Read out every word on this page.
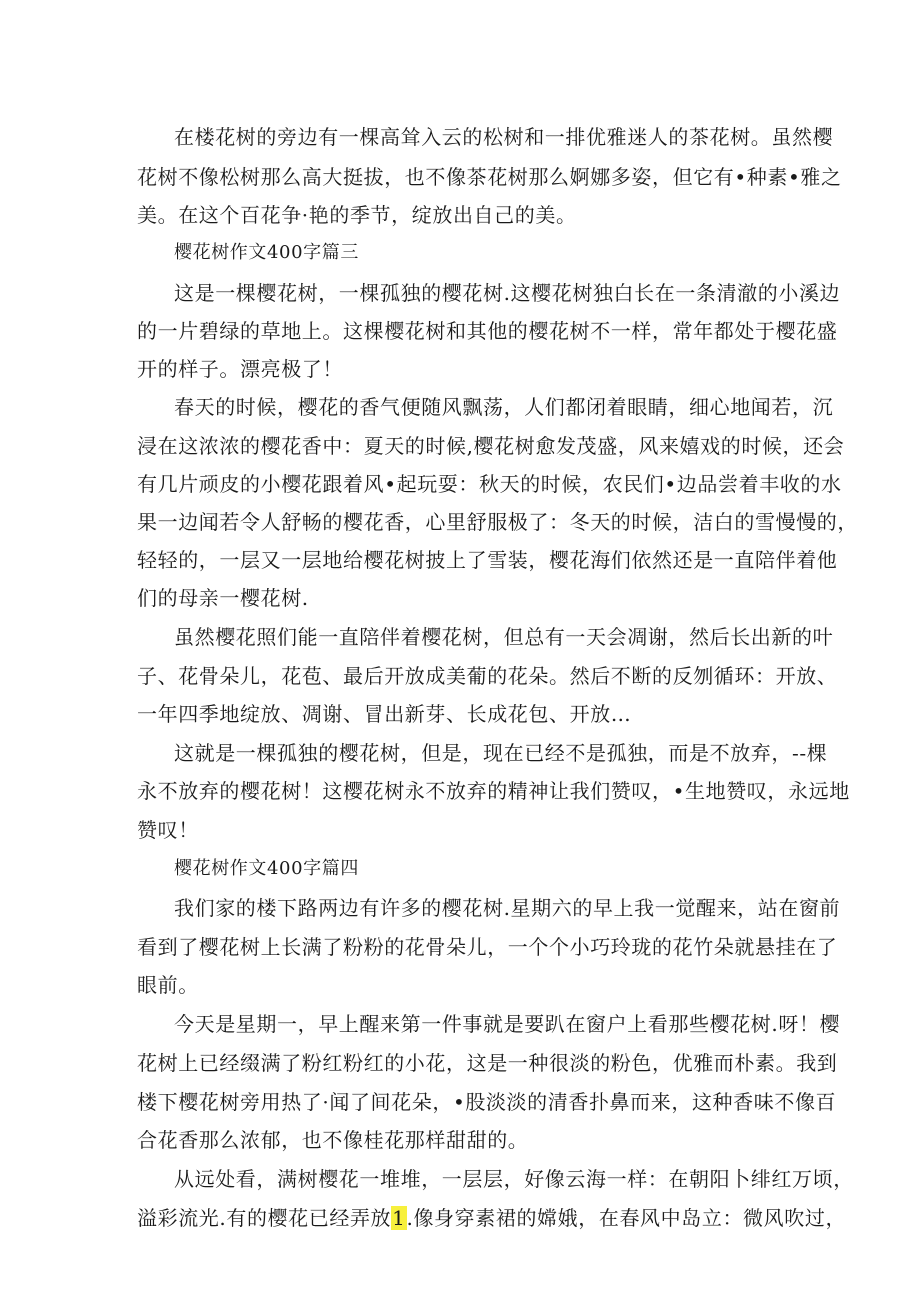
在楼花树的旁边有一棵高耸入云的松树和一排优雅迷人的茶花树。虽然樱
花树不像松树那么高大挺拔，也不像茶花树那么婀娜多姿，但它有•种素•雅之
美。在这个百花争·艳的季节，绽放出自己的美。
樱花树作文400字篇三
这是一棵樱花树，一棵孤独的樱花树.这樱花树独白长在一条清澈的小溪边
的一片碧绿的草地上。这棵樱花树和其他的樱花树不一样，常年都处于樱花盛
开的样子。漂亮极了！
春天的时候，樱花的香气便随风飘荡，人们都闭着眼睛，细心地闻若，沉
浸在这浓浓的樱花香中：夏天的时候,樱花树愈发茂盛，风来嬉戏的时候，还会
有几片顽皮的小樱花跟着风•起玩耍：秋天的时候，农民们•边品尝着丰收的水
果一边闻若令人舒畅的樱花香，心里舒服极了：冬天的时候，洁白的雪慢慢的，
轻轻的，一层又一层地给樱花树披上了雪装，樱花海们依然还是一直陪伴着他
们的母亲一樱花树.
虽然樱花照们能一直陪伴着樱花树，但总有一天会凋谢，然后长出新的叶
子、花骨朵儿，花苞、最后开放成美葡的花朵。然后不断的反刎循环：开放、
一年四季地绽放、凋谢、冒出新芽、长成花包、开放…
这就是一棵孤独的樱花树，但是，现在已经不是孤独，而是不放弃，--棵
永不放弃的樱花树！这樱花树永不放弃的精神让我们赞叹，•生地赞叹，永远地
赞叹！
樱花树作文400字篇四
我们家的楼下路两边有许多的樱花树.星期六的早上我一觉醒来，站在窗前
看到了樱花树上长满了粉粉的花骨朵儿，一个个小巧玲珑的花竹朵就悬挂在了
眼前。
今天是星期一，早上醒来第一件事就是要趴在窗户上看那些樱花树.呀！樱
花树上已经缀满了粉红粉红的小花，这是一种很淡的粉色，优雅而朴素。我到
楼下樱花树旁用热了·闻了间花朵，•股淡淡的清香扑鼻而来，这种香味不像百
合花香那么浓郁，也不像桂花那样甜甜的。
从远处看，满树樱花一堆堆，一层层，好像云海一样：在朝阳卜绯红万顷，
溢彩流光.有的樱花已经弄放1.像身穿素裙的嫦娥，在春风中岛立：微风吹过，
